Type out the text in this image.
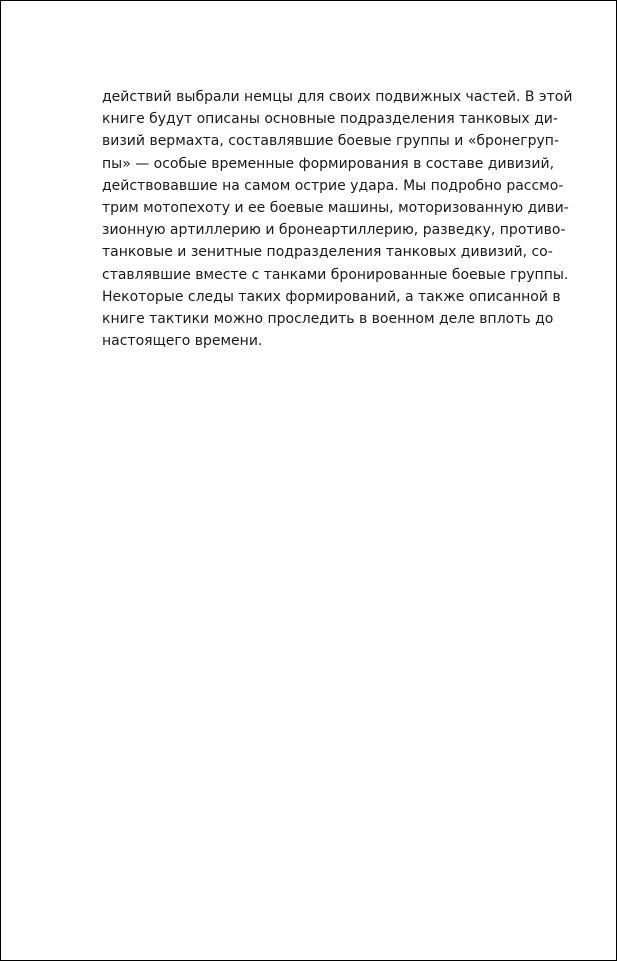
действий выбрали немцы для своих подвижных частей. В этой
книге будут описаны основные подразделения танковых ди-
визий вермахта, составлявшие боевые группы и «бронегруп-
пы» — особые временные формирования в составе дивизий,
действовавшие на самом острие удара. Мы подробно рассмо-
трим мотопехоту и ее боевые машины, моторизованную диви-
зионную артиллерию и бронеартиллерию, разведку, противо-
танковые и зенитные подразделения танковых дивизий, со-
ставлявшие вместе с танками бронированные боевые группы.
Некоторые следы таких формирований, а также описанной в
книге тактики можно проследить в военном деле вплоть до
настоящего времени.
